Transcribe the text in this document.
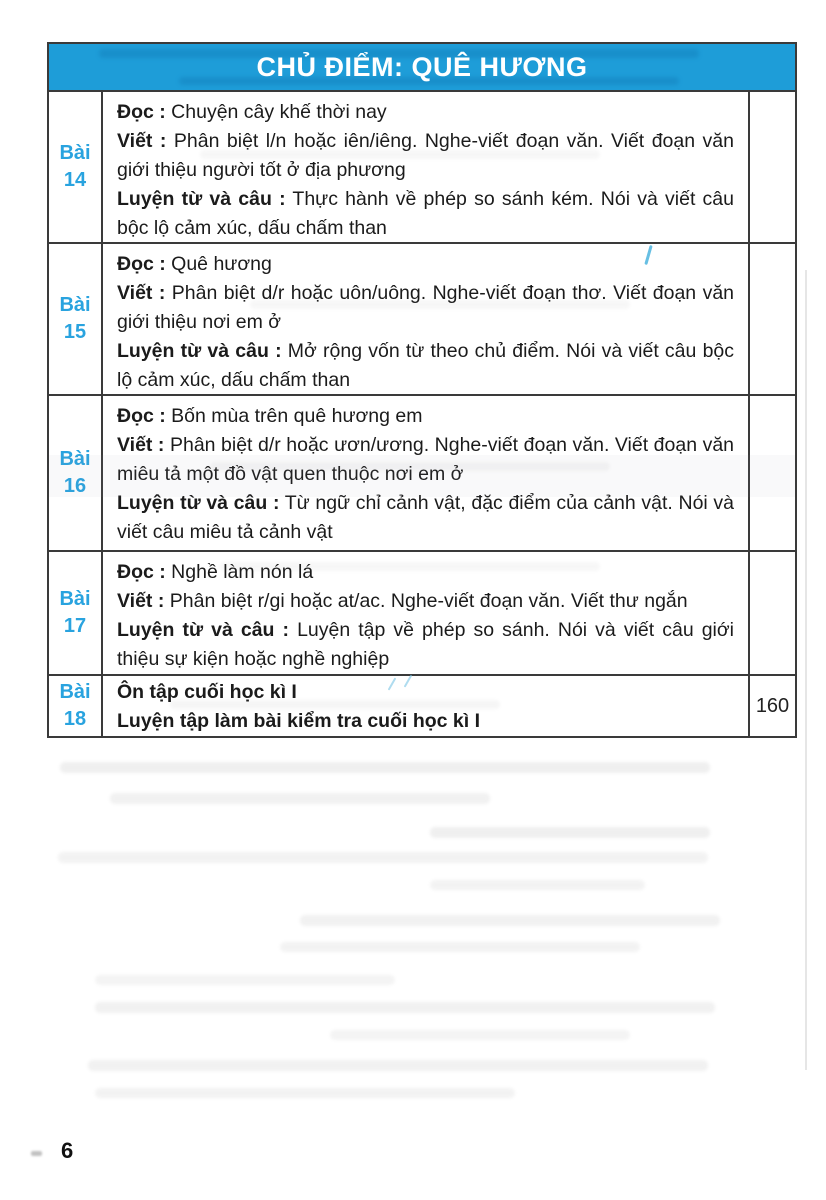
CHỦ ĐIỂM: QUÊ HƯƠNG
Bài
14

Đọc : Chuyện cây khế thời nay

Viết : Phân biệt l/n hoặc iên/iêng. Nghe-viết đoạn văn. Viết đoạn văn giới thiệu người tốt ở địa phương

Luyện từ và câu : Thực hành về phép so sánh kém. Nói và viết câu bộc lộ cảm xúc, dấu chấm than

Bài
15

Đọc : Quê hương

Viết : Phân biệt d/r hoặc uôn/uông. Nghe-viết đoạn thơ. Viết đoạn văn giới thiệu nơi em ở

Luyện từ và câu : Mở rộng vốn từ theo chủ điểm. Nói và viết câu bộc lộ cảm xúc, dấu chấm than

Bài
16

Đọc : Bốn mùa trên quê hương em

Viết : Phân biệt d/r hoặc ươn/ương. Nghe-viết đoạn văn. Viết đoạn văn miêu tả một đồ vật quen thuộc nơi em ở

Luyện từ và câu : Từ ngữ chỉ cảnh vật, đặc điểm của cảnh vật. Nói và viết câu miêu tả cảnh vật

Bài
17

Đọc : Nghề làm nón lá

Viết : Phân biệt r/gi hoặc at/ac. Nghe-viết đoạn văn. Viết thư ngắn

Luyện từ và câu : Luyện tập về phép so sánh. Nói và viết câu giới thiệu sự kiện hoặc nghề nghiệp

Bài
18

Ôn tập cuối học kì I

Luyện tập làm bài kiểm tra cuối học kì I

160
6
